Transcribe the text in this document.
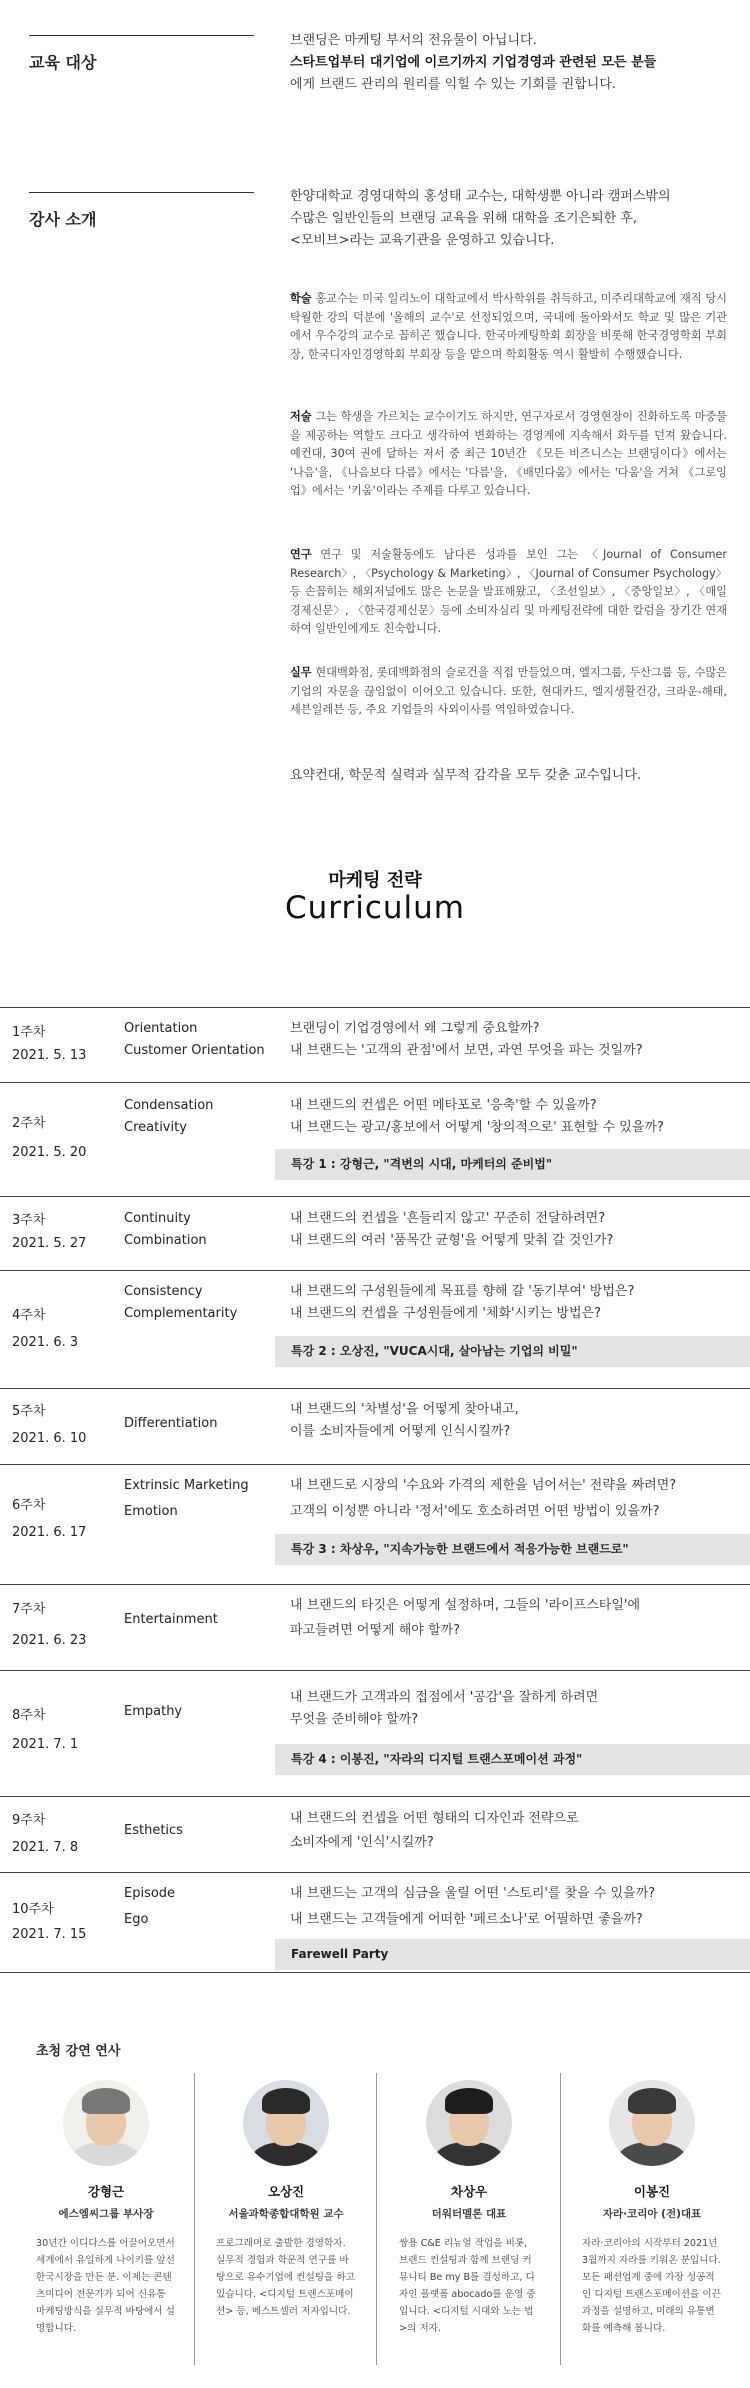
교육 대상
브랜딩은 마케팅 부서의 전유물이 아닙니다.
스타트업부터 대기업에 이르기까지 기업경영과 관련된 모든 분들
에게 브랜드 관리의 원리를 익힐 수 있는 기회를 권합니다.
강사 소개
한양대학교 경영대학의 홍성태 교수는, 대학생뿐 아니라 캠퍼스밖의
수많은 일반인들의 브랜딩 교육을 위해 대학을 조기은퇴한 후,
<모비브>라는 교육기관을 운영하고 있습니다.
학술 홍교수는 미국 일리노이 대학교에서 박사학위를 취득하고, 미주리대학교에 재직 당시 탁월한 강의 덕분에 '올해의 교수'로 선정되었으며, 국내에 돌아와서도 학교 및 많은 기관에서 우수강의 교수로 꼽히곤 했습니다. 한국마케팅학회 회장을 비롯해 한국경영학회 부회장, 한국디자인경영학회 부회장 등을 맡으며 학회활동 역시 활발히 수행했습니다.
저술 그는 학생을 가르치는 교수이기도 하지만, 연구자로서 경영현장이 진화하도록 마중물을 제공하는 역할도 크다고 생각하여 변화하는 경영계에 지속해서 화두를 던져 왔습니다. 예컨대, 30여 권에 달하는 저서 중 최근 10년간 《모든 비즈니스는 브랜딩이다》에서는 '나음'을, 《나음보다 다름》에서는 '다름'을, 《배민다움》에서는 '다움'을 거쳐 《그로잉업》에서는 '키움'이라는 주제를 다루고 있습니다.
연구 연구 및 저술활동에도 남다른 성과를 보인 그는 〈Journal of Consumer Research〉, 〈Psychology & Marketing〉, 〈Journal of Consumer Psychology〉 등 손꼽히는 해외저널에도 많은 논문을 발표해왔고, 〈조선일보〉, 〈중앙일보〉, 〈매일경제신문〉, 〈한국경제신문〉등에 소비자심리 및 마케팅전략에 대한 칼럼을 장기간 연재하여 일반인에게도 친숙합니다.
실무 현대백화점, 롯데백화점의 슬로건을 직접 만들었으며, 엘지그룹, 두산그룹 등, 수많은 기업의 자문을 끊임없이 이어오고 있습니다. 또한, 현대카드, 엘지생활건강, 크라운-해태, 세븐일레븐 등, 주요 기업들의 사외이사를 역임하였습니다.
요약컨대, 학문적 실력과 실무적 감각을 모두 갖춘 교수입니다.
마케팅 전략
Curriculum
1주차
2021. 5. 13
Orientation
Customer Orientation
브랜딩이 기업경영에서 왜 그렇게 중요할까?
내 브랜드는 '고객의 관점'에서 보면, 과연 무엇을 파는 것일까?
2주차
2021. 5. 20
Condensation
Creativity
내 브랜드의 컨셉은 어떤 메타포로 '응축'할 수 있을까?
내 브랜드는 광고/홍보에서 어떻게 '창의적으로' 표현할 수 있을까?
특강 1 : 강형근, "격변의 시대, 마케터의 준비법"
3주차
2021. 5. 27
Continuity
Combination
내 브랜드의 컨셉을 '흔들리지 않고' 꾸준히 전달하려면?
내 브랜드의 여러 '품목간 균형'을 어떻게 맞춰 갈 것인가?
4주차
2021. 6. 3
Consistency
Complementarity
내 브랜드의 구성원들에게 목표를 향해 갈 '동기부여' 방법은?
내 브랜드의 컨셉을 구성원들에게 '체화'시키는 방법은?
특강 2 : 오상진, "VUCA시대, 살아남는 기업의 비밀"
5주차
2021. 6. 10
Differentiation
내 브랜드의 '차별성'을 어떻게 찾아내고,
이를 소비자들에게 어떻게 인식시킬까?
6주차
2021. 6. 17
Extrinsic Marketing
Emotion
내 브랜드로 시장의 '수요와 가격의 제한을 넘어서는' 전략을 짜려면?
고객의 이성뿐 아니라 '정서'에도 호소하려면 어떤 방법이 있을까?
특강 3 : 차상우, "지속가능한 브랜드에서 적응가능한 브랜드로"
7주차
2021. 6. 23
Entertainment
내 브랜드의 타깃은 어떻게 설정하며, 그들의 '라이프스타일'에
파고들려면 어떻게 해야 할까?
8주차
2021. 7. 1
Empathy
내 브랜드가 고객과의 접점에서 '공감'을 잘하게 하려면
무엇을 준비해야 할까?
특강 4 : 이봉진, "자라의 디지털 트랜스포메이션 과정"
9주차
2021. 7. 8
Esthetics
내 브랜드의 컨셉을 어떤 형태의 디자인과 전략으로
소비자에게 '인식'시킬까?
10주차
2021. 7. 15
Episode
Ego
내 브랜드는 고객의 심금을 울릴 어떤 '스토리'를 찾을 수 있을까?
내 브랜드는 고객들에게 어떠한 '페르소나'로 어필하면 좋을까?
Farewell Party
초청 강연 연사
강형근
에스엠씨그룹 부사장
30년간 이디다스를 이끌어오면서 세계에서 유일하게 나이키를 앞선 한국시장을 만든 분. 이제는 콘텐츠미디어 전문가가 되어 신유통 마케팅방식을 실무적 바탕에서 설명합니다.
오상진
서울과학종합대학원 교수
프로그래머로 출발한 경영학자. 실무적 경험과 학문적 연구를 바탕으로 유수기업에 컨설팅을 하고 있습니다. <디지털 트랜스포메이션> 등, 베스트셀러 저자입니다.
차상우
더워터멜론 대표
쌍용 C&E 리뉴얼 작업을 비롯, 브랜드 컨설팅과 함께 브랜딩 커뮤니티 Be my B를 결성하고, 디자인 플랫폼 abocado를 운영 중입니다. <디지털 시대와 노는 법>의 저자.
이봉진
자라·코리아 (전)대표
자라·코리아의 시작부터 2021년 3월까지 자라를 키워온 분입니다. 모든 패션업계 중에 가장 성공적인 디지털 트랜스포메이션을 이끈 과정을 설명하고, 미래의 유통변화를 예측해 봅니다.
